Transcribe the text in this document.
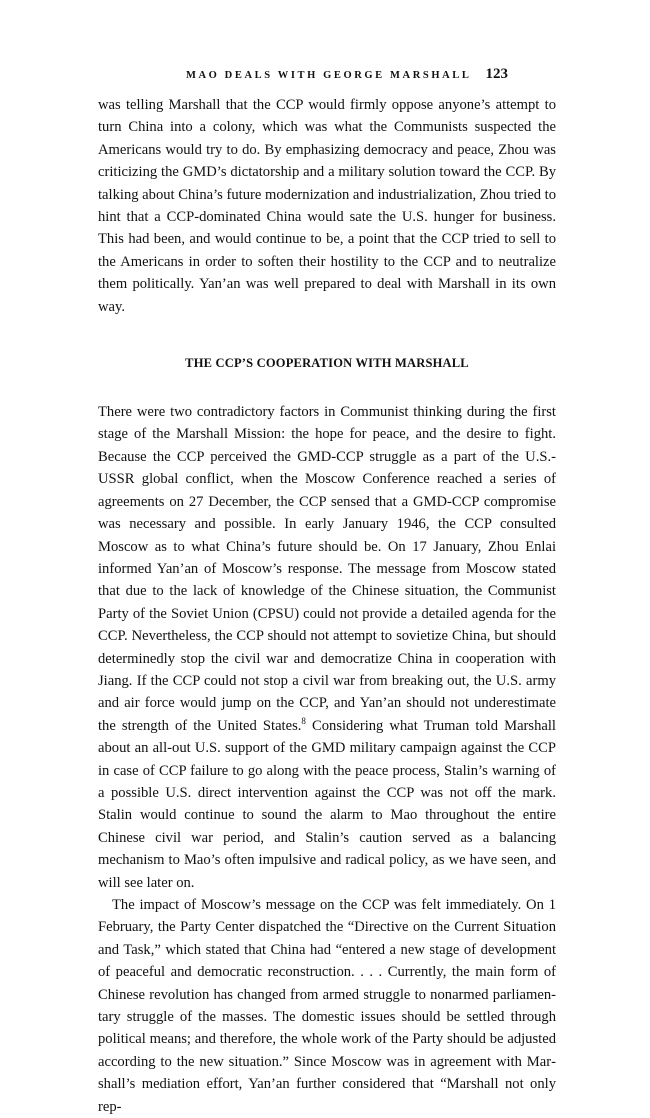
MAO DEALS WITH GEORGE MARSHALL 123

was telling Marshall that the CCP would firmly oppose anyone’s attempt to turn China into a colony, which was what the Communists suspected the Americans would try to do. By emphasizing democracy and peace, Zhou was criticizing the GMD’s dictatorship and a military solution toward the CCP. By talking about China’s future modernization and industrialization, Zhou tried to hint that a CCP-dominated China would sate the U.S. hunger for business. This had been, and would continue to be, a point that the CCP tried to sell to the Americans in order to soften their hostility to the CCP and to neutralize them politically. Yan’an was well prepared to deal with Marshall in its own way.

THE CCP’S COOPERATION WITH MARSHALL

There were two contradictory factors in Communist thinking during the first stage of the Marshall Mission: the hope for peace, and the desire to fight. Because the CCP perceived the GMD-CCP struggle as a part of the U.S.-USSR global conflict, when the Moscow Conference reached a series of agreements on 27 December, the CCP sensed that a GMD-CCP compromise was necessary and possible. In early January 1946, the CCP consulted Moscow as to what China’s future should be. On 17 January, Zhou Enlai informed Yan’an of Moscow’s response. The message from Moscow stated that due to the lack of knowledge of the Chinese situation, the Communist Party of the Soviet Union (CPSU) could not provide a detailed agenda for the CCP. Nevertheless, the CCP should not attempt to sovietize China, but should determinedly stop the civil war and democratize China in cooperation with Jiang. If the CCP could not stop a civil war from breaking out, the U.S. army and air force would jump on the CCP, and Yan’an should not underestimate the strength of the United States.$^8$ Considering what Truman told Marshall about an all-out U.S. support of the GMD military campaign against the CCP in case of CCP failure to go along with the peace process, Stalin’s warning of a possible U.S. direct intervention against the CCP was not off the mark. Stalin would continue to sound the alarm to Mao throughout the entire Chinese civil war period, and Stalin’s caution served as a balancing mechanism to Mao’s often impulsive and radical policy, as we have seen, and will see later on.

The impact of Moscow’s message on the CCP was felt immediately. On 1 February, the Party Center dispatched the “Directive on the Current Situation and Task,” which stated that China had “entered a new stage of development of peaceful and democratic reconstruction. . . . Currently, the main form of Chinese revolution has changed from armed struggle to nonarmed parliamentary struggle of the masses. The domestic issues should be settled through political means; and therefore, the whole work of the Party should be adjusted according to the new situation.” Since Moscow was in agreement with Marshall’s mediation effort, Yan’an further considered that “Marshall not only rep-
